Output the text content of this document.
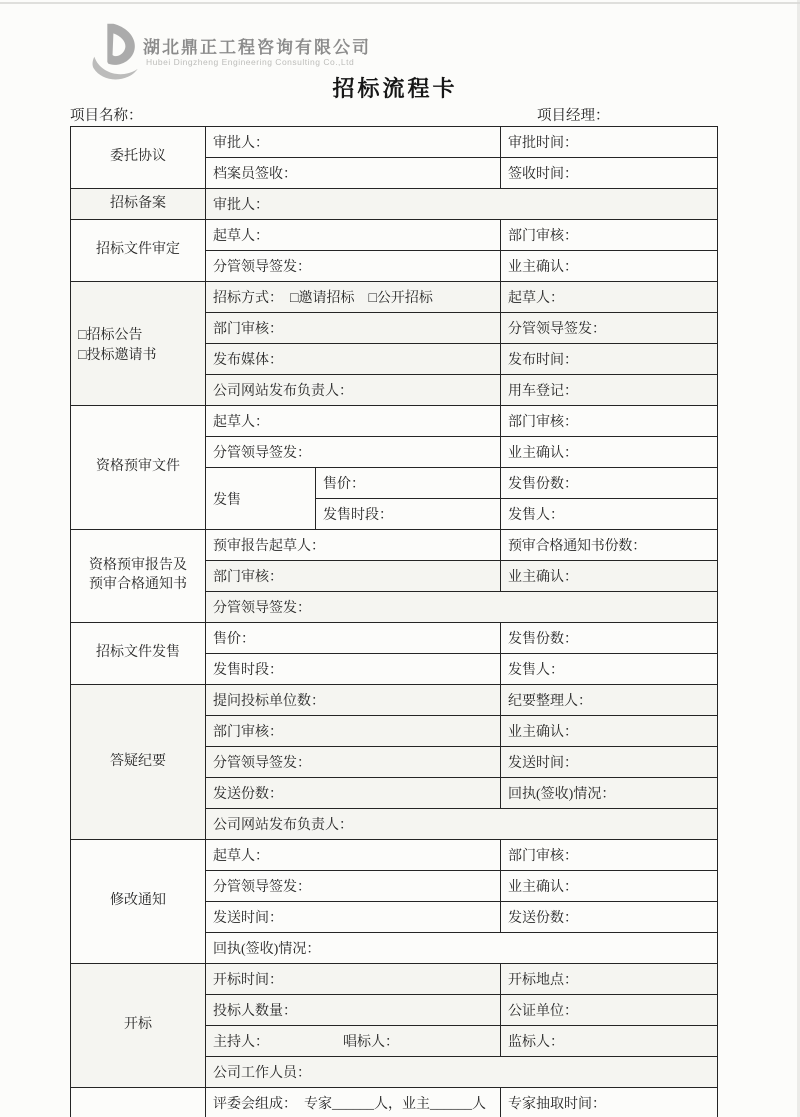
湖北鼎正工程咨询有限公司
Hubei Dingzheng Engineering Consulting Co.,Ltd
招标流程卡
项目名称：	项目经理：
委托协议	审批人：		审批时间：
	档案员签收：		签收时间：
招标备案	审批人：		
招标文件审定	起草人：		部门审核：
	分管领导签发：		业主确认：

□招标公告
□投标邀请书	招标方式：　□邀请招标　□公开招标		起草人：
	部门审核：		分管领导签发：
	发布媒体：		发布时间：
	公司网站发布负责人：		用车登记：
资格预审文件	起草人：		部门审核：
	分管领导签发：		业主确认：
	发售	售价：	发售份数：
		发售时段：	发售人：

资格预审报告及
预审合格通知书	预审报告起草人：		预审合格通知书份数：
	部门审核：		业主确认：
	分管领导签发：		
招标文件发售	售价：		发售份数：
	发售时段：		发售人：
答疑纪要	提问投标单位数：		纪要整理人：
	部门审核：		业主确认：
	分管领导签发：		发送时间：
	发送份数：		回执(签收)情况：
	公司网站发布负责人：		
修改通知	起草人：		部门审核：
	分管领导签发：		业主确认：
	发送时间：		发送份数：
	回执(签收)情况：		
开标	开标时间：		开标地点：
	投标人数量：		公证单位：
	主持人： 唱标人：		监标人：
	公司工作人员：		
	评委会组成：　专家______人，业主______人		专家抽取时间：
